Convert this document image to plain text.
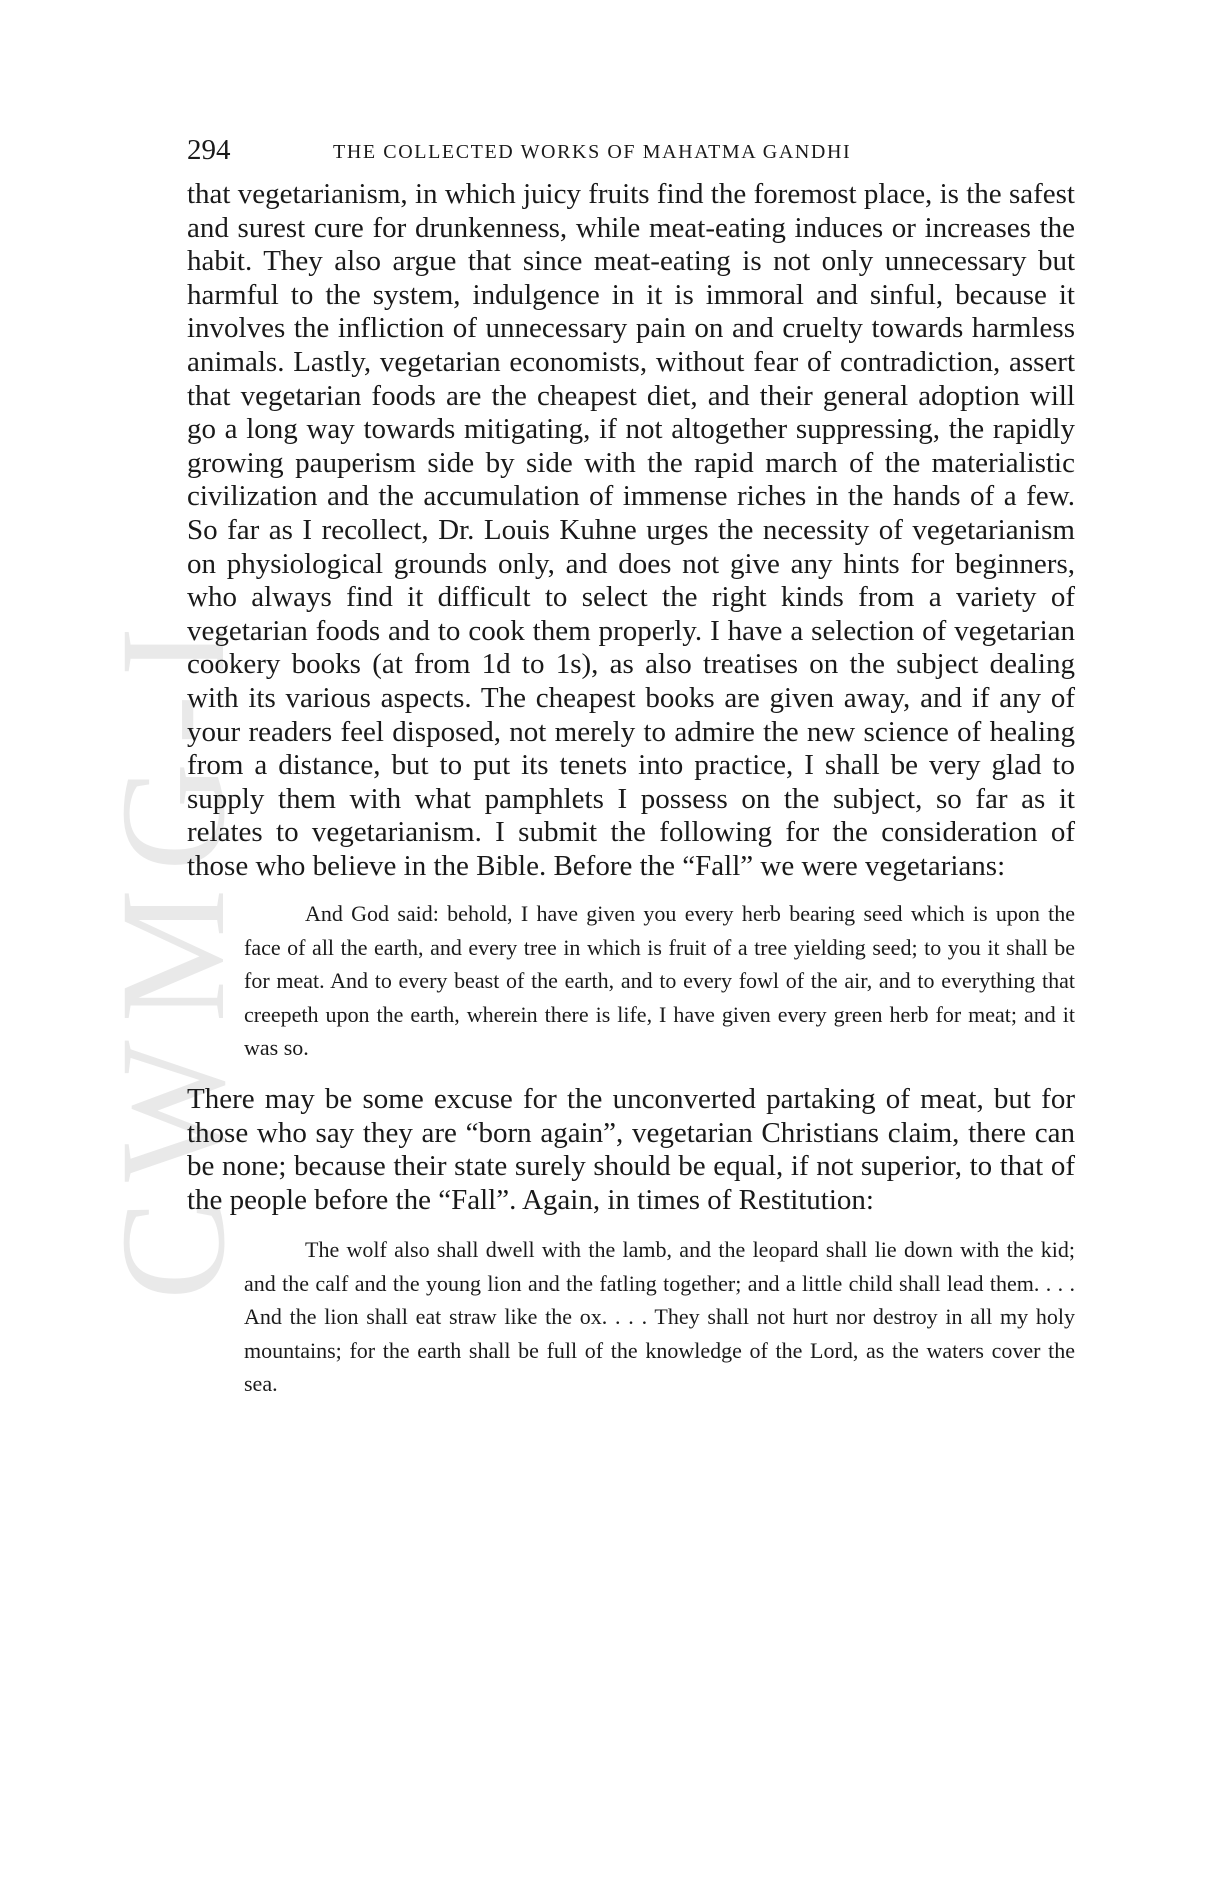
CWMG-I
294	THE COLLECTED WORKS OF MAHATMA GANDHI

that vegetarianism, in which juicy fruits find the foremost place, is the safest and surest cure for drunkenness, while meat-eating induces or increases the habit. They also argue that since meat-eating is not only unnecessary but harmful to the system, indulgence in it is immoral and sinful, because it involves the infliction of unnecessary pain on and cruelty towards harmless animals. Lastly, vegetarian economists, without fear of contradiction, assert that vegetarian foods are the cheapest diet, and their general adoption will go a long way towards mitigating, if not altogether suppressing, the rapidly growing pauperism side by side with the rapid march of the materialistic civilization and the accumulation of immense riches in the hands of a few. So far as I recollect, Dr. Louis Kuhne urges the necessity of vegetarianism on physiological grounds only, and does not give any hints for beginners, who always find it difficult to select the right kinds from a variety of vegetarian foods and to cook them properly. I have a selection of vegetarian cookery books (at from 1d to 1s), as also treatises on the subject dealing with its various aspects. The cheapest books are given away, and if any of your readers feel disposed, not merely to admire the new science of healing from a distance, but to put its tenets into practice, I shall be very glad to supply them with what pamphlets I possess on the subject, so far as it relates to vegetarianism. I submit the following for the consideration of those who believe in the Bible. Before the “Fall” we were vegetarians:

And God said: behold, I have given you every herb bearing seed which is upon the face of all the earth, and every tree in which is fruit of a tree yielding seed; to you it shall be for meat. And to every beast of the earth, and to every fowl of the air, and to everything that creepeth upon the earth, wherein there is life, I have given every green herb for meat; and it was so.

There may be some excuse for the unconverted partaking of meat, but for those who say they are “born again”, vegetarian Christians claim, there can be none; because their state surely should be equal, if not superior, to that of the people before the “Fall”. Again, in times of Restitution:

The wolf also shall dwell with the lamb, and the leopard shall lie down with the kid; and the calf and the young lion and the fatling together; and a little child shall lead them. . . . And the lion shall eat straw like the ox. . . . They shall not hurt nor destroy in all my holy mountains; for the earth shall be full of the knowledge of the Lord, as the waters cover the sea.
